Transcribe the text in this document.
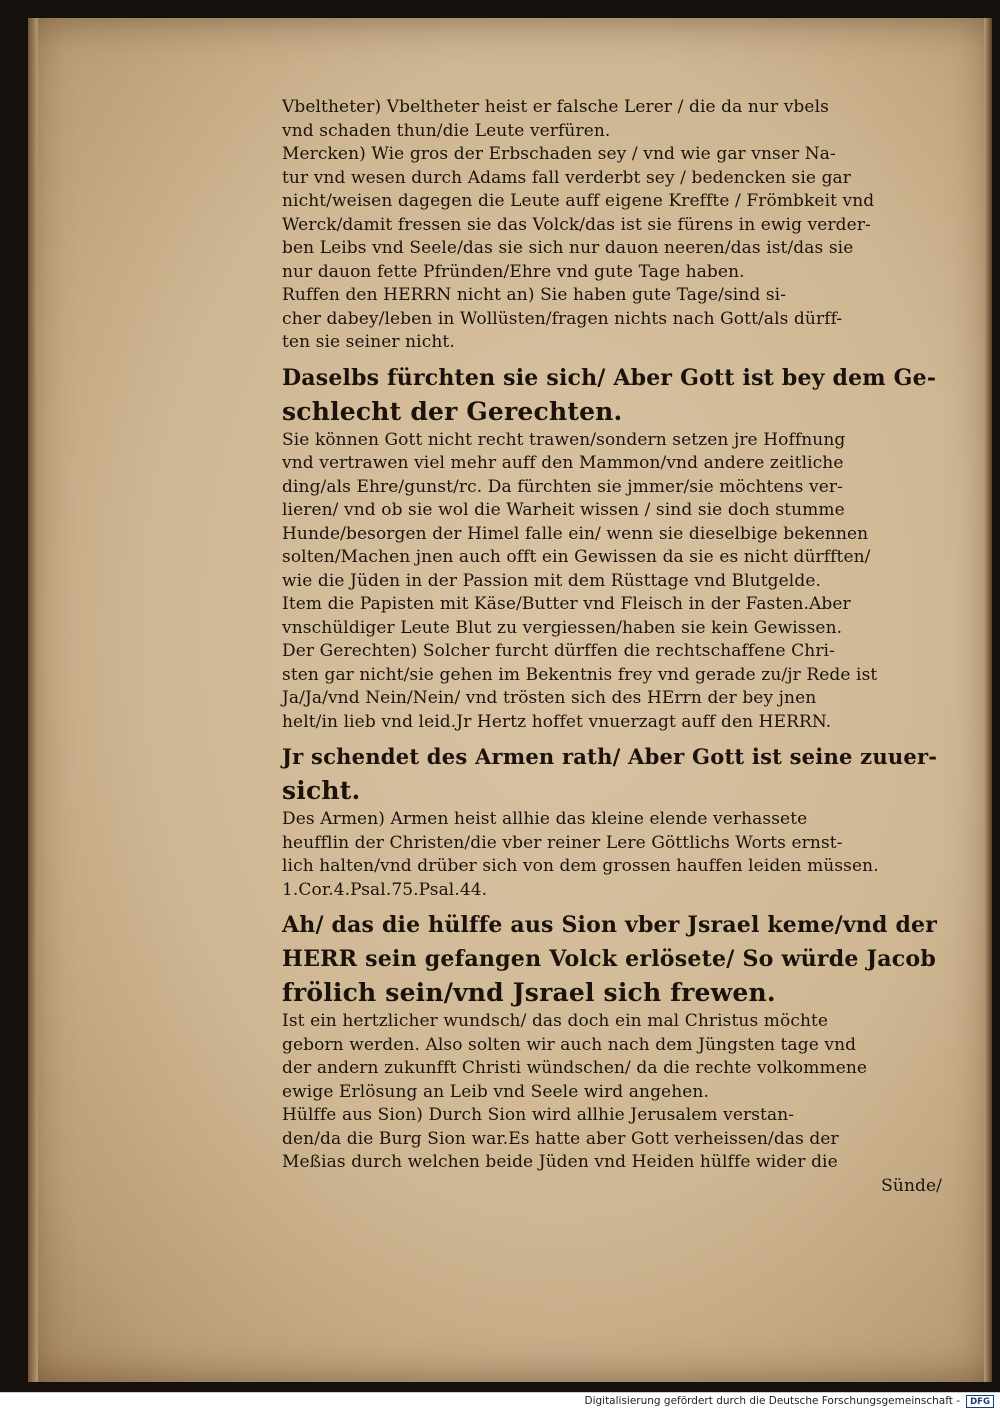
Vbeltheter) Vbeltheter heist er falsche Lerer / die da nur vbels
vnd schaden thun/die Leute verfüren.
Mercken) Wie gros der Erbschaden sey / vnd wie gar vnser Na-
tur vnd wesen durch Adams fall verderbt sey / bedencken sie gar
nicht/weisen dagegen die Leute auff eigene Kreffte / Frömbkeit vnd
Werck/damit fressen sie das Volck/das ist sie fürens in ewig verder-
ben Leibs vnd Seele/das sie sich nur dauon neeren/das ist/das sie
nur dauon fette Pfründen/Ehre vnd gute Tage haben.
Ruffen den HERRN nicht an) Sie haben gute Tage/sind si-
cher dabey/leben in Wollüsten/fragen nichts nach Gott/als dürff-
ten sie seiner nicht.
Daselbs fürchten sie sich/ Aber Gott ist bey dem Ge-
schlecht der Gerechten.
Sie können Gott nicht recht trawen/sondern setzen jre Hoffnung
vnd vertrawen viel mehr auff den Mammon/vnd andere zeitliche
ding/als Ehre/gunst/rc. Da fürchten sie jmmer/sie möchtens ver-
lieren/ vnd ob sie wol die Warheit wissen / sind sie doch stumme
Hunde/besorgen der Himel falle ein/ wenn sie dieselbige bekennen
solten/Machen jnen auch offt ein Gewissen da sie es nicht dürfften/
wie die Jüden in der Passion mit dem Rüsttage vnd Blutgelde.
Item die Papisten mit Käse/Butter vnd Fleisch in der Fasten.Aber
vnschüldiger Leute Blut zu vergiessen/haben sie kein Gewissen.
Der Gerechten) Solcher furcht dürffen die rechtschaffene Chri-
sten gar nicht/sie gehen im Bekentnis frey vnd gerade zu/jr Rede ist
Ja/Ja/vnd Nein/Nein/ vnd trösten sich des HErrn der bey jnen
helt/in lieb vnd leid.Jr Hertz hoffet vnuerzagt auff den HERRN.
Jr schendet des Armen rath/ Aber Gott ist seine zuuer-
sicht.
Des Armen) Armen heist allhie das kleine elende verhassete
heufflin der Christen/die vber reiner Lere Göttlichs Worts ernst-
lich halten/vnd drüber sich von dem grossen hauffen leiden müssen.
1.Cor.4.Psal.75.Psal.44.
Ah/ das die hülffe aus Sion vber Jsrael keme/vnd der
HERR sein gefangen Volck erlösete/ So würde Jacob
frölich sein/vnd Jsrael sich frewen.
Ist ein hertzlicher wundsch/ das doch ein mal Christus möchte
geborn werden. Also solten wir auch nach dem Jüngsten tage vnd
der andern zukunfft Christi wündschen/ da die rechte volkommene
ewige Erlösung an Leib vnd Seele wird angehen.
Hülffe aus Sion) Durch Sion wird allhie Jerusalem verstan-
den/da die Burg Sion war.Es hatte aber Gott verheissen/das der
Meßias durch welchen beide Jüden vnd Heiden hülffe wider die
Sünde/
Digitalisierung gefördert durch die Deutsche Forschungsgemeinschaft -	DFG
